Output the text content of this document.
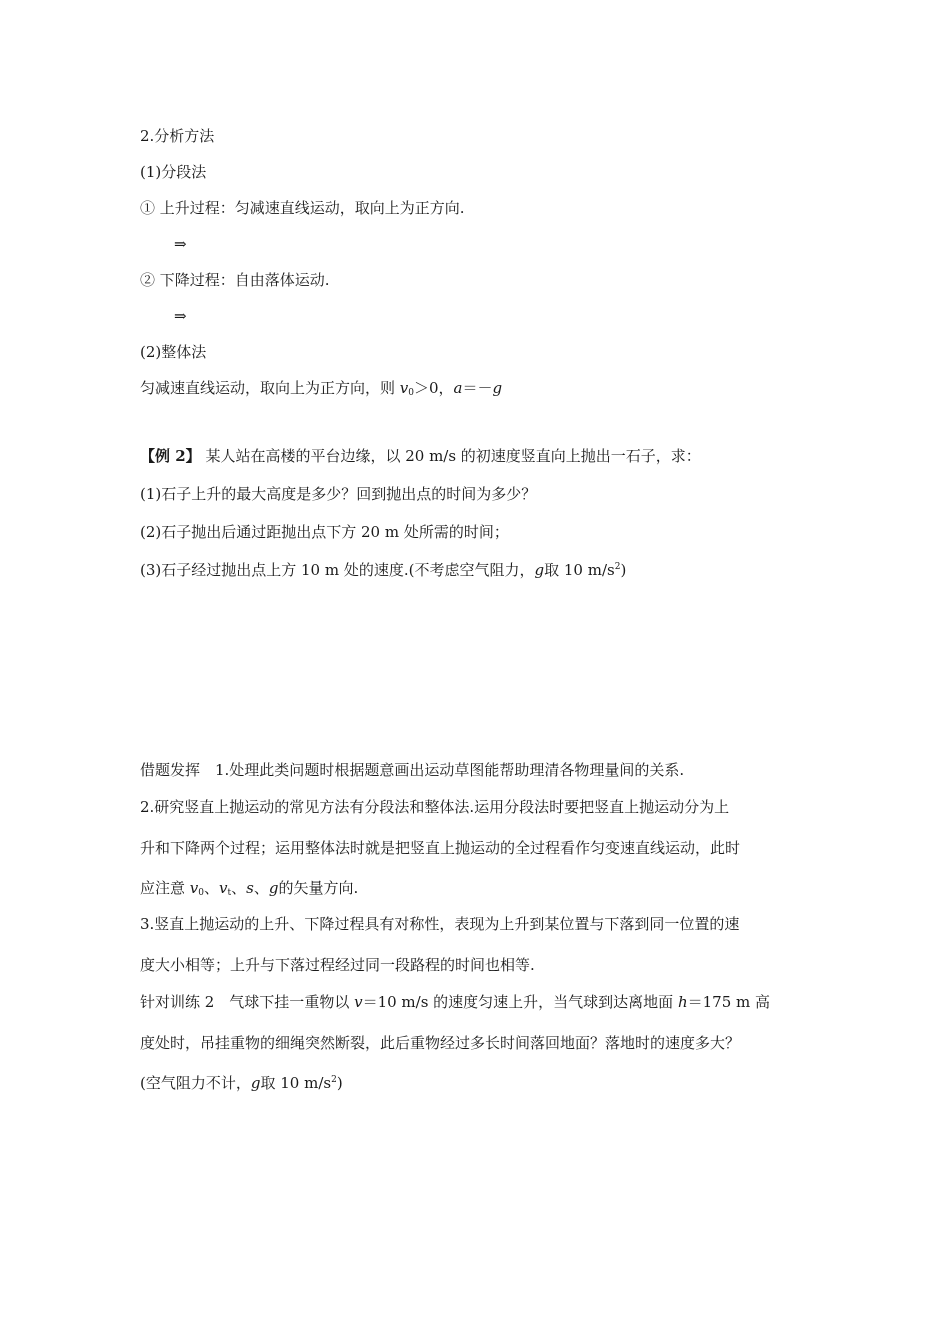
2.分析方法
(1)分段法
① 上升过程：匀减速直线运动，取向上为正方向.
⇒
② 下降过程：自由落体运动.
⇒
(2)整体法
匀减速直线运动，取向上为正方向，则 $v_0>0$，a＝－g
【例 2】 某人站在高楼的平台边缘，以 20 m/s 的初速度竖直向上抛出一石子，求：
(1)石子上升的最大高度是多少？回到抛出点的时间为多少？
(2)石子抛出后通过距抛出点下方 20 m 处所需的时间；
(3)石子经过抛出点上方 10 m 处的速度.(不考虑空气阻力，g取 10 $m/s^2$)
借题发挥　1.处理此类问题时根据题意画出运动草图能帮助理清各物理量间的关系.
2.研究竖直上抛运动的常见方法有分段法和整体法.运用分段法时要把竖直上抛运动分为上
升和下降两个过程；运用整体法时就是把竖直上抛运动的全过程看作匀变速直线运动，此时
应注意 $v_0$、$v_t$、s、g的矢量方向.
3.竖直上抛运动的上升、下降过程具有对称性，表现为上升到某位置与下落到同一位置的速
度大小相等；上升与下落过程经过同一段路程的时间也相等.
针对训练 2　气球下挂一重物以 v＝10 m/s 的速度匀速上升，当气球到达离地面 h＝175 m 高
度处时，吊挂重物的细绳突然断裂，此后重物经过多长时间落回地面？落地时的速度多大？
(空气阻力不计，g取 10 $m/s^2$)
